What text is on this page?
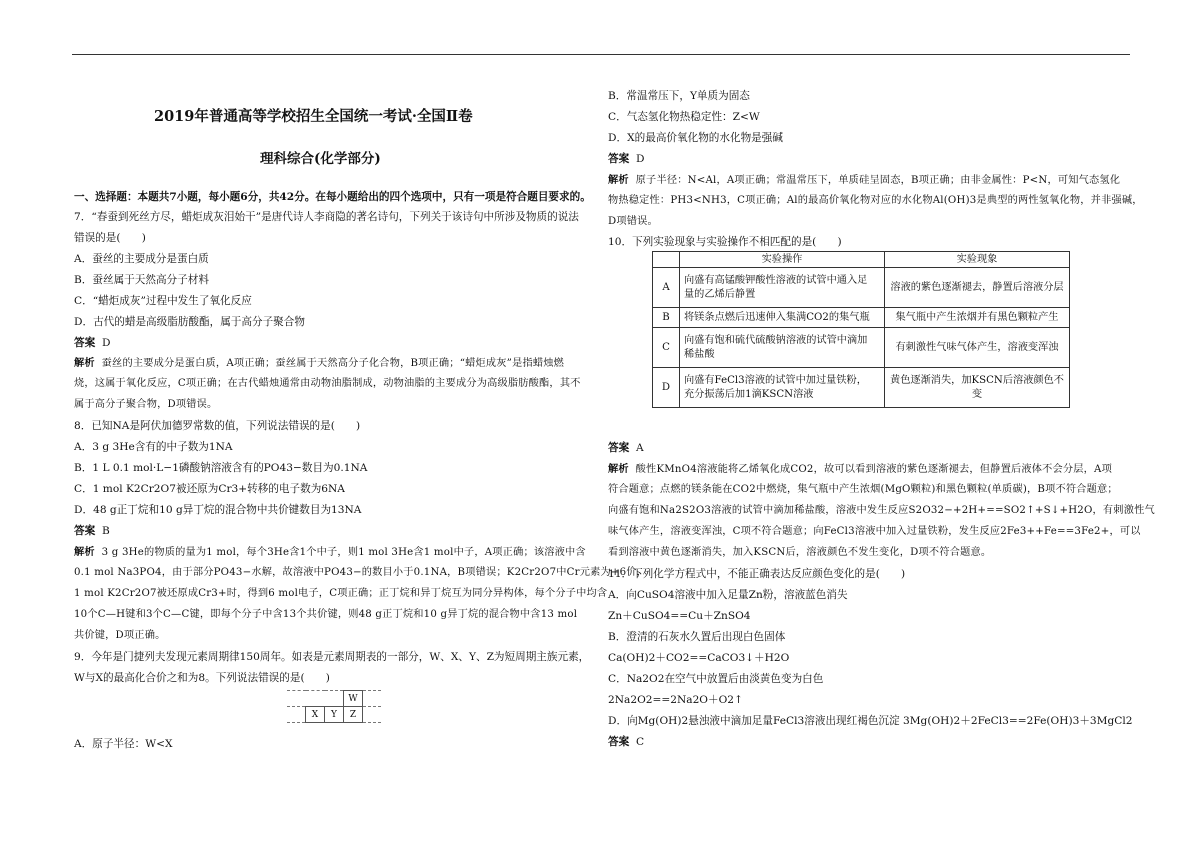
2019年普通高等学校招生全国统一考试·全国Ⅱ卷
理科综合(化学部分)
一、选择题：本题共7小题，每小题6分，共42分。在每小题给出的四个选项中，只有一项是符合题目要求的。
7．“春蚕到死丝方尽，蜡炬成灰泪始干”是唐代诗人李商隐的著名诗句，下列关于该诗句中所涉及物质的说法
错误的是(　　)
A．蚕丝的主要成分是蛋白质
B．蚕丝属于天然高分子材料
C．“蜡炬成灰”过程中发生了氧化反应
D．古代的蜡是高级脂肪酸酯，属于高分子聚合物
答案 D
解析 蚕丝的主要成分是蛋白质，A项正确；蚕丝属于天然高分子化合物，B项正确；“蜡炬成灰”是指蜡烛燃
烧，这属于氧化反应，C项正确；在古代蜡烛通常由动物油脂制成，动物油脂的主要成分为高级脂肪酸酯，其不
属于高分子聚合物，D项错误。
8．已知NA是阿伏加德罗常数的值，下列说法错误的是(　　)
A．3 g 3He含有的中子数为1NA
B．1 L 0.1 mol·L−1磷酸钠溶液含有的PO43−数目为0.1NA
C．1 mol K2Cr2O7被还原为Cr3+转移的电子数为6NA
D．48 g正丁烷和10 g异丁烷的混合物中共价键数目为13NA
答案 B
解析 3 g 3He的物质的量为1 mol，每个3He含1个中子，则1 mol 3He含1 mol中子，A项正确；该溶液中含
0.1 mol Na3PO4，由于部分PO43−水解，故溶液中PO43−的数目小于0.1NA，B项错误；K2Cr2O7中Cr元素为+6价，
1 mol K2Cr2O7被还原成Cr3+时，得到6 mol电子，C项正确；正丁烷和异丁烷互为同分异构体，每个分子中均含
10个C—H键和3个C—C键，即每个分子中含13个共价键，则48 g正丁烷和10 g异丁烷的混合物中含13 mol
共价键，D项正确。
9．今年是门捷列夫发现元素周期律150周年。如表是元素周期表的一部分，W、X、Y、Z为短周期主族元素，
W与X的最高化合价之和为8。下列说法错误的是(　　)
			W	
	X	Y	Z	
A．原子半径：W<X
B．常温常压下，Y单质为固态
C．气态氢化物热稳定性：Z<W
D．X的最高价氧化物的水化物是强碱
答案 D
解析 原子半径：N<Al，A项正确；常温常压下，单质硅呈固态，B项正确；由非金属性：P<N，可知气态氢化
物热稳定性：PH3<NH3，C项正确；Al的最高价氧化物对应的水化物Al(OH)3是典型的两性氢氧化物，并非强碱，
D项错误。
10．下列实验现象与实验操作不相匹配的是(　　)
	实验操作	实验现象
A	向盛有高锰酸钾酸性溶液的试管中通入足
量的乙烯后静置	溶液的紫色逐渐褪去，静置后溶液分层
B	将镁条点燃后迅速伸入集满CO2的集气瓶	集气瓶中产生浓烟并有黑色颗粒产生
C	向盛有饱和硫代硫酸钠溶液的试管中滴加
稀盐酸	有刺激性气味气体产生，溶液变浑浊
D	向盛有FeCl3溶液的试管中加过量铁粉，
充分振荡后加1滴KSCN溶液	黄色逐渐消失，加KSCN后溶液颜色不变
答案 A
解析 酸性KMnO4溶液能将乙烯氧化成CO2，故可以看到溶液的紫色逐渐褪去，但静置后液体不会分层，A项
符合题意；点燃的镁条能在CO2中燃烧，集气瓶中产生浓烟(MgO颗粒)和黑色颗粒(单质碳)，B项不符合题意；
向盛有饱和Na2S2O3溶液的试管中滴加稀盐酸，溶液中发生反应S2O32−+2H+==SO2↑+S↓+H2O，有刺激性气
味气体产生，溶液变浑浊，C项不符合题意；向FeCl3溶液中加入过量铁粉，发生反应2Fe3++Fe==3Fe2+，可以
看到溶液中黄色逐渐消失，加入KSCN后，溶液颜色不发生变化，D项不符合题意。
11．下列化学方程式中，不能正确表达反应颜色变化的是(　　)
A．向CuSO4溶液中加入足量Zn粉，溶液蓝色消失
Zn＋CuSO4==Cu＋ZnSO4
B．澄清的石灰水久置后出现白色固体
Ca(OH)2＋CO2==CaCO3↓＋H2O
C．Na2O2在空气中放置后由淡黄色变为白色
2Na2O2==2Na2O＋O2↑
D．向Mg(OH)2悬浊液中滴加足量FeCl3溶液出现红褐色沉淀 3Mg(OH)2＋2FeCl3==2Fe(OH)3＋3MgCl2
答案 C
